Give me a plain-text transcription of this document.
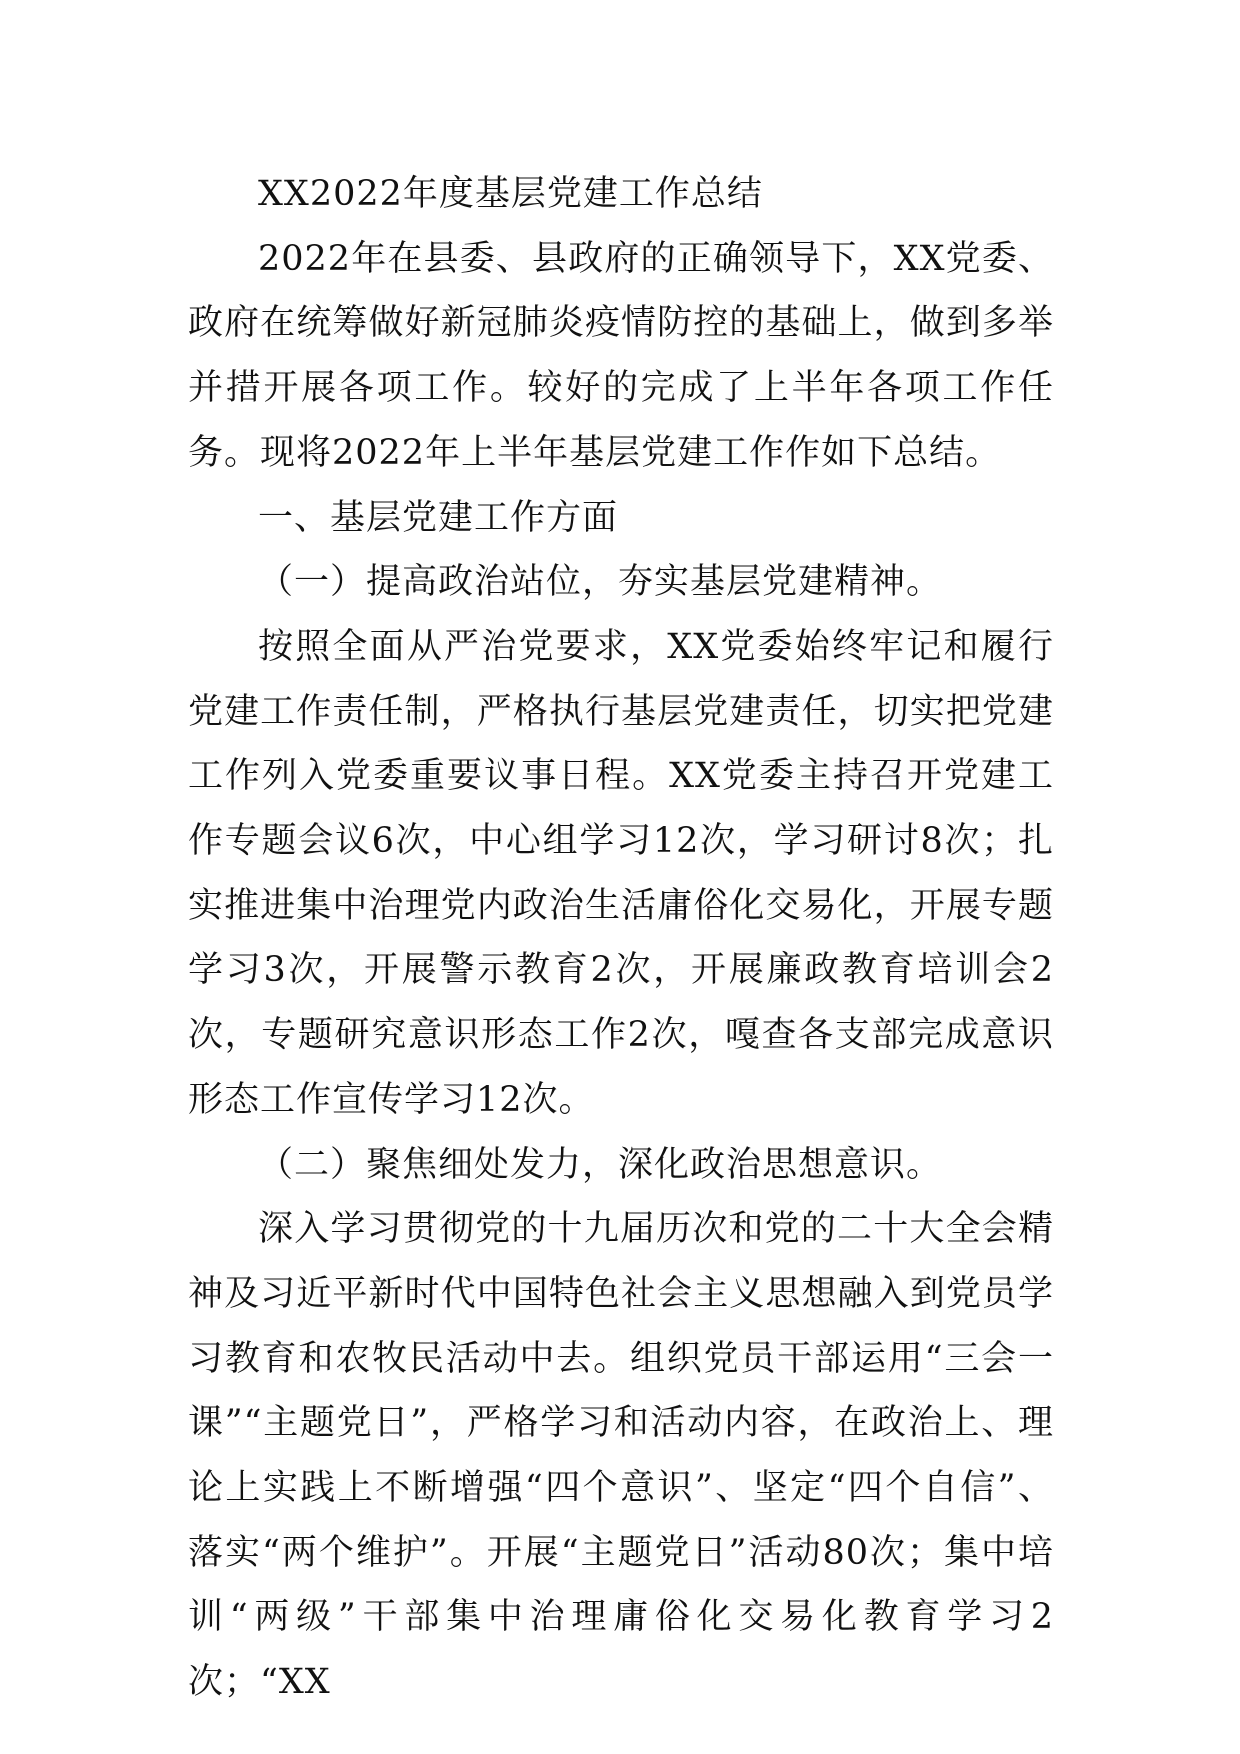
XX2022年度基层党建工作总结

2022年在县委、县政府的正确领导下，XX党委、政府在统筹做好新冠肺炎疫情防控的基础上，做到多举并措开展各项工作。较好的完成了上半年各项工作任务。现将2022年上半年基层党建工作作如下总结。

一、基层党建工作方面

（一）提高政治站位，夯实基层党建精神。

按照全面从严治党要求，XX党委始终牢记和履行党建工作责任制，严格执行基层党建责任，切实把党建工作列入党委重要议事日程。XX党委主持召开党建工作专题会议6次，中心组学习12次，学习研讨8次；扎实推进集中治理党内政治生活庸俗化交易化，开展专题学习3次，开展警示教育2次，开展廉政教育培训会2次，专题研究意识形态工作2次，嘎查各支部完成意识形态工作宣传学习12次。

（二）聚焦细处发力，深化政治思想意识。

深入学习贯彻党的十九届历次和党的二十大全会精神及习近平新时代中国特色社会主义思想融入到党员学习教育和农牧民活动中去。组织党员干部运用“三会一课”“主题党日”，严格学习和活动内容，在政治上、理论上实践上不断增强“四个意识”、坚定“四个自信”、落实“两个维护”。开展“主题党日”活动80次；集中培训“两级”干部集中治理庸俗化交易化教育学习2次；“XX
